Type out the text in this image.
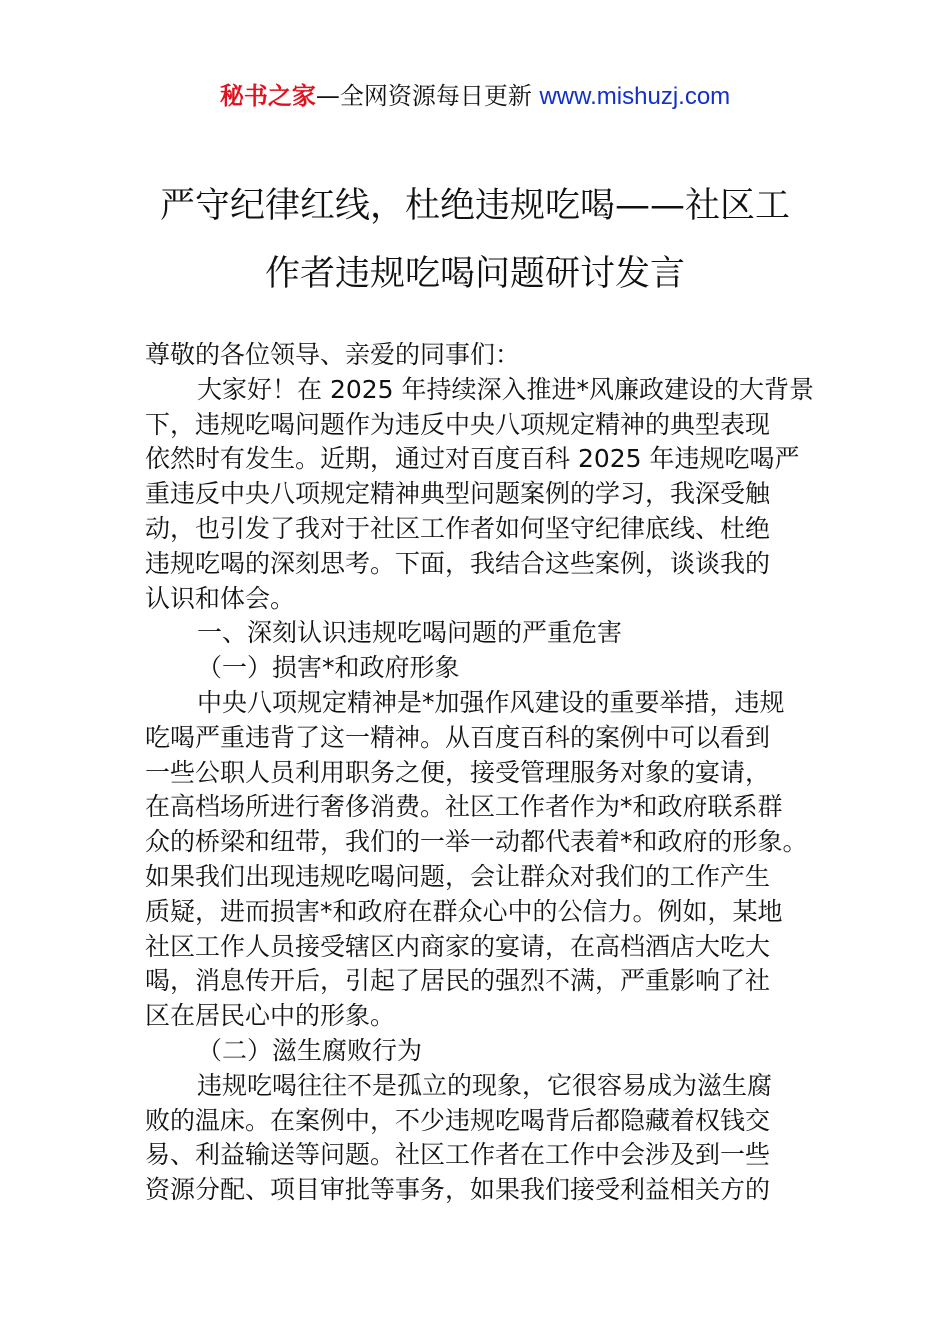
秘书之家—全网资源每日更新 www.mishuzj.com
严守纪律红线，杜绝违规吃喝——社区工
作者违规吃喝问题研讨发言
尊敬的各位领导、亲爱的同事们：
大家好！在 2025 年持续深入推进*风廉政建设的大背景
下，违规吃喝问题作为违反中央八项规定精神的典型表现
依然时有发生。近期，通过对百度百科 2025 年违规吃喝严
重违反中央八项规定精神典型问题案例的学习，我深受触
动，也引发了我对于社区工作者如何坚守纪律底线、杜绝
违规吃喝的深刻思考。下面，我结合这些案例，谈谈我的
认识和体会。
一、深刻认识违规吃喝问题的严重危害
（一）损害*和政府形象
中央八项规定精神是*加强作风建设的重要举措，违规
吃喝严重违背了这一精神。从百度百科的案例中可以看到
一些公职人员利用职务之便，接受管理服务对象的宴请，
在高档场所进行奢侈消费。社区工作者作为*和政府联系群
众的桥梁和纽带，我们的一举一动都代表着*和政府的形象。
如果我们出现违规吃喝问题，会让群众对我们的工作产生
质疑，进而损害*和政府在群众心中的公信力。例如，某地
社区工作人员接受辖区内商家的宴请，在高档酒店大吃大
喝，消息传开后，引起了居民的强烈不满，严重影响了社
区在居民心中的形象。
（二）滋生腐败行为
违规吃喝往往不是孤立的现象，它很容易成为滋生腐
败的温床。在案例中，不少违规吃喝背后都隐藏着权钱交
易、利益输送等问题。社区工作者在工作中会涉及到一些
资源分配、项目审批等事务，如果我们接受利益相关方的
